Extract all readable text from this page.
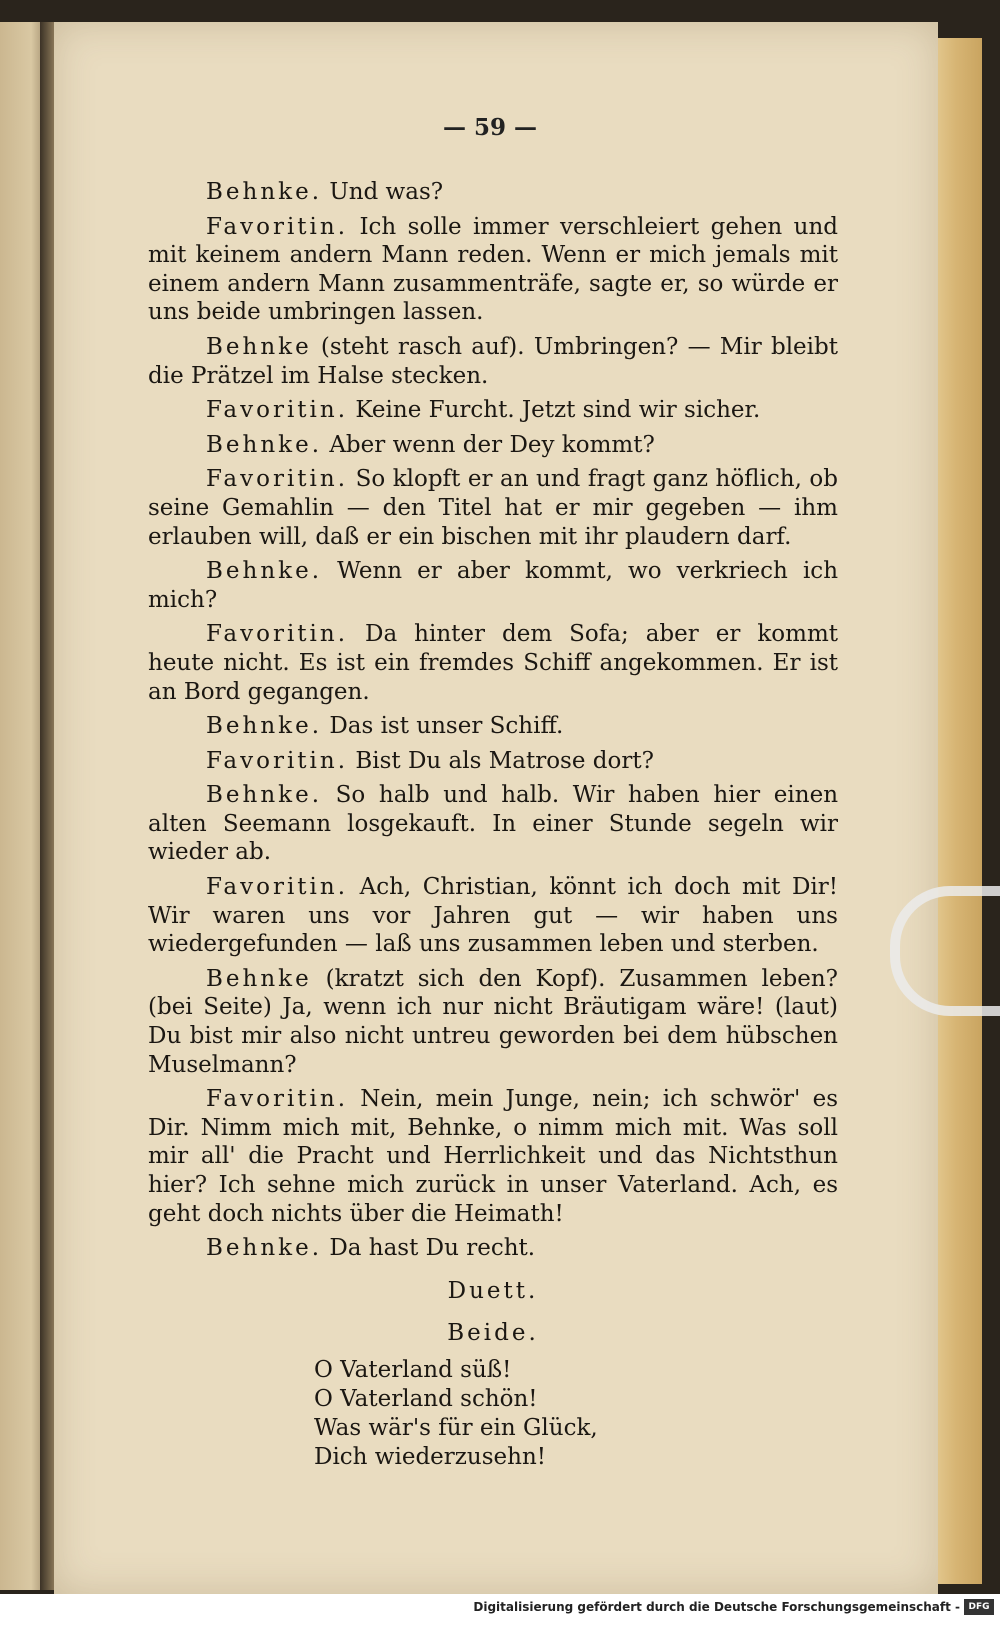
— 59 —

Behnke. Und was?

Favoritin. Ich solle immer verschleiert gehen und mit keinem andern Mann reden. Wenn er mich jemals mit einem andern Mann zusammenträfe, sagte er, so würde er uns beide umbringen lassen.

Behnke (steht rasch auf). Umbringen? — Mir bleibt die Prätzel im Halse stecken.

Favoritin. Keine Furcht. Jetzt sind wir sicher.

Behnke. Aber wenn der Dey kommt?

Favoritin. So klopft er an und fragt ganz höflich, ob seine Gemahlin — den Titel hat er mir gegeben — ihm erlauben will, daß er ein bischen mit ihr plaudern darf.

Behnke. Wenn er aber kommt, wo verkriech ich mich?

Favoritin. Da hinter dem Sofa; aber er kommt heute nicht. Es ist ein fremdes Schiff angekommen. Er ist an Bord gegangen.

Behnke. Das ist unser Schiff.

Favoritin. Bist Du als Matrose dort?

Behnke. So halb und halb. Wir haben hier einen alten Seemann losgekauft. In einer Stunde segeln wir wieder ab.

Favoritin. Ach, Christian, könnt ich doch mit Dir! Wir waren uns vor Jahren gut — wir haben uns wiedergefunden — laß uns zusammen leben und sterben.

Behnke (kratzt sich den Kopf). Zusammen leben? (bei Seite) Ja, wenn ich nur nicht Bräutigam wäre! (laut) Du bist mir also nicht untreu geworden bei dem hübschen Muselmann?

Favoritin. Nein, mein Junge, nein; ich schwör' es Dir. Nimm mich mit, Behnke, o nimm mich mit. Was soll mir all' die Pracht und Herrlichkeit und das Nichtsthun hier? Ich sehne mich zurück in unser Vaterland. Ach, es geht doch nichts über die Heimath!

Behnke. Da hast Du recht.

Duett.
Beide.
O Vaterland süß!
O Vaterland schön!
Was wär's für ein Glück,
Dich wiederzusehn!
Digitalisierung gefördert durch die Deutsche Forschungsgemeinschaft - DFG
